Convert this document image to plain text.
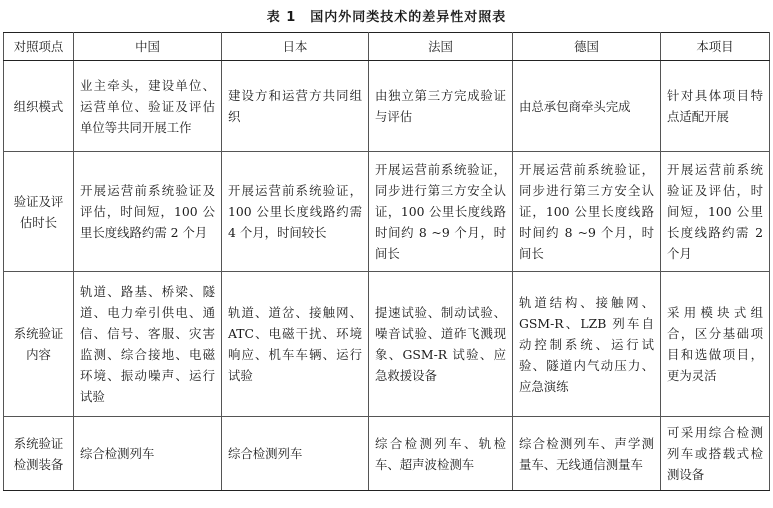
表 1 国内外同类技术的差异性对照表
对照项点	中国	日本	法国	德国	本项目
组织模式	业主牵头，建设单位、运营单位、验证及评估单位等共同开展工作	建设方和运营方共同组织	由独立第三方完成验证与评估	由总承包商牵头完成	针对具体项目特点适配开展
验证及评估时长	开展运营前系统验证及评估，时间短，100 公里长度线路约需 2 个月	开展运营前系统验证，100 公里长度线路约需 4 个月，时间较长	开展运营前系统验证，同步进行第三方安全认证，100 公里长度线路时间约 8 ~9 个月，时间长	开展运营前系统验证，同步进行第三方安全认证，100 公里长度线路时间约 8 ~9 个月，时间长	开展运营前系统验证及评估，时间短，100 公里长度线路约需 2 个月
系统验证内容	轨道、路基、桥梁、隧道、电力牵引供电、通信、信号、客服、灾害监测、综合接地、电磁环境、振动噪声、运行试验	轨道、道岔、接触网、ATC、电磁干扰、环境响应、机车车辆、运行试验	提速试验、制动试验、噪音试验、道砟飞溅现象、GSM-R 试验、应急救援设备	轨道结构、接触网、GSM-R、LZB 列车自动控制系统、运行试验、隧道内气动压力、应急演练	采用模块式组合，区分基础项目和选做项目，更为灵活
系统验证检测装备	综合检测列车	综合检测列车	综合检测列车、轨检车、超声波检测车	综合检测列车、声学测量车、无线通信测量车	可采用综合检测列车或搭载式检测设备
